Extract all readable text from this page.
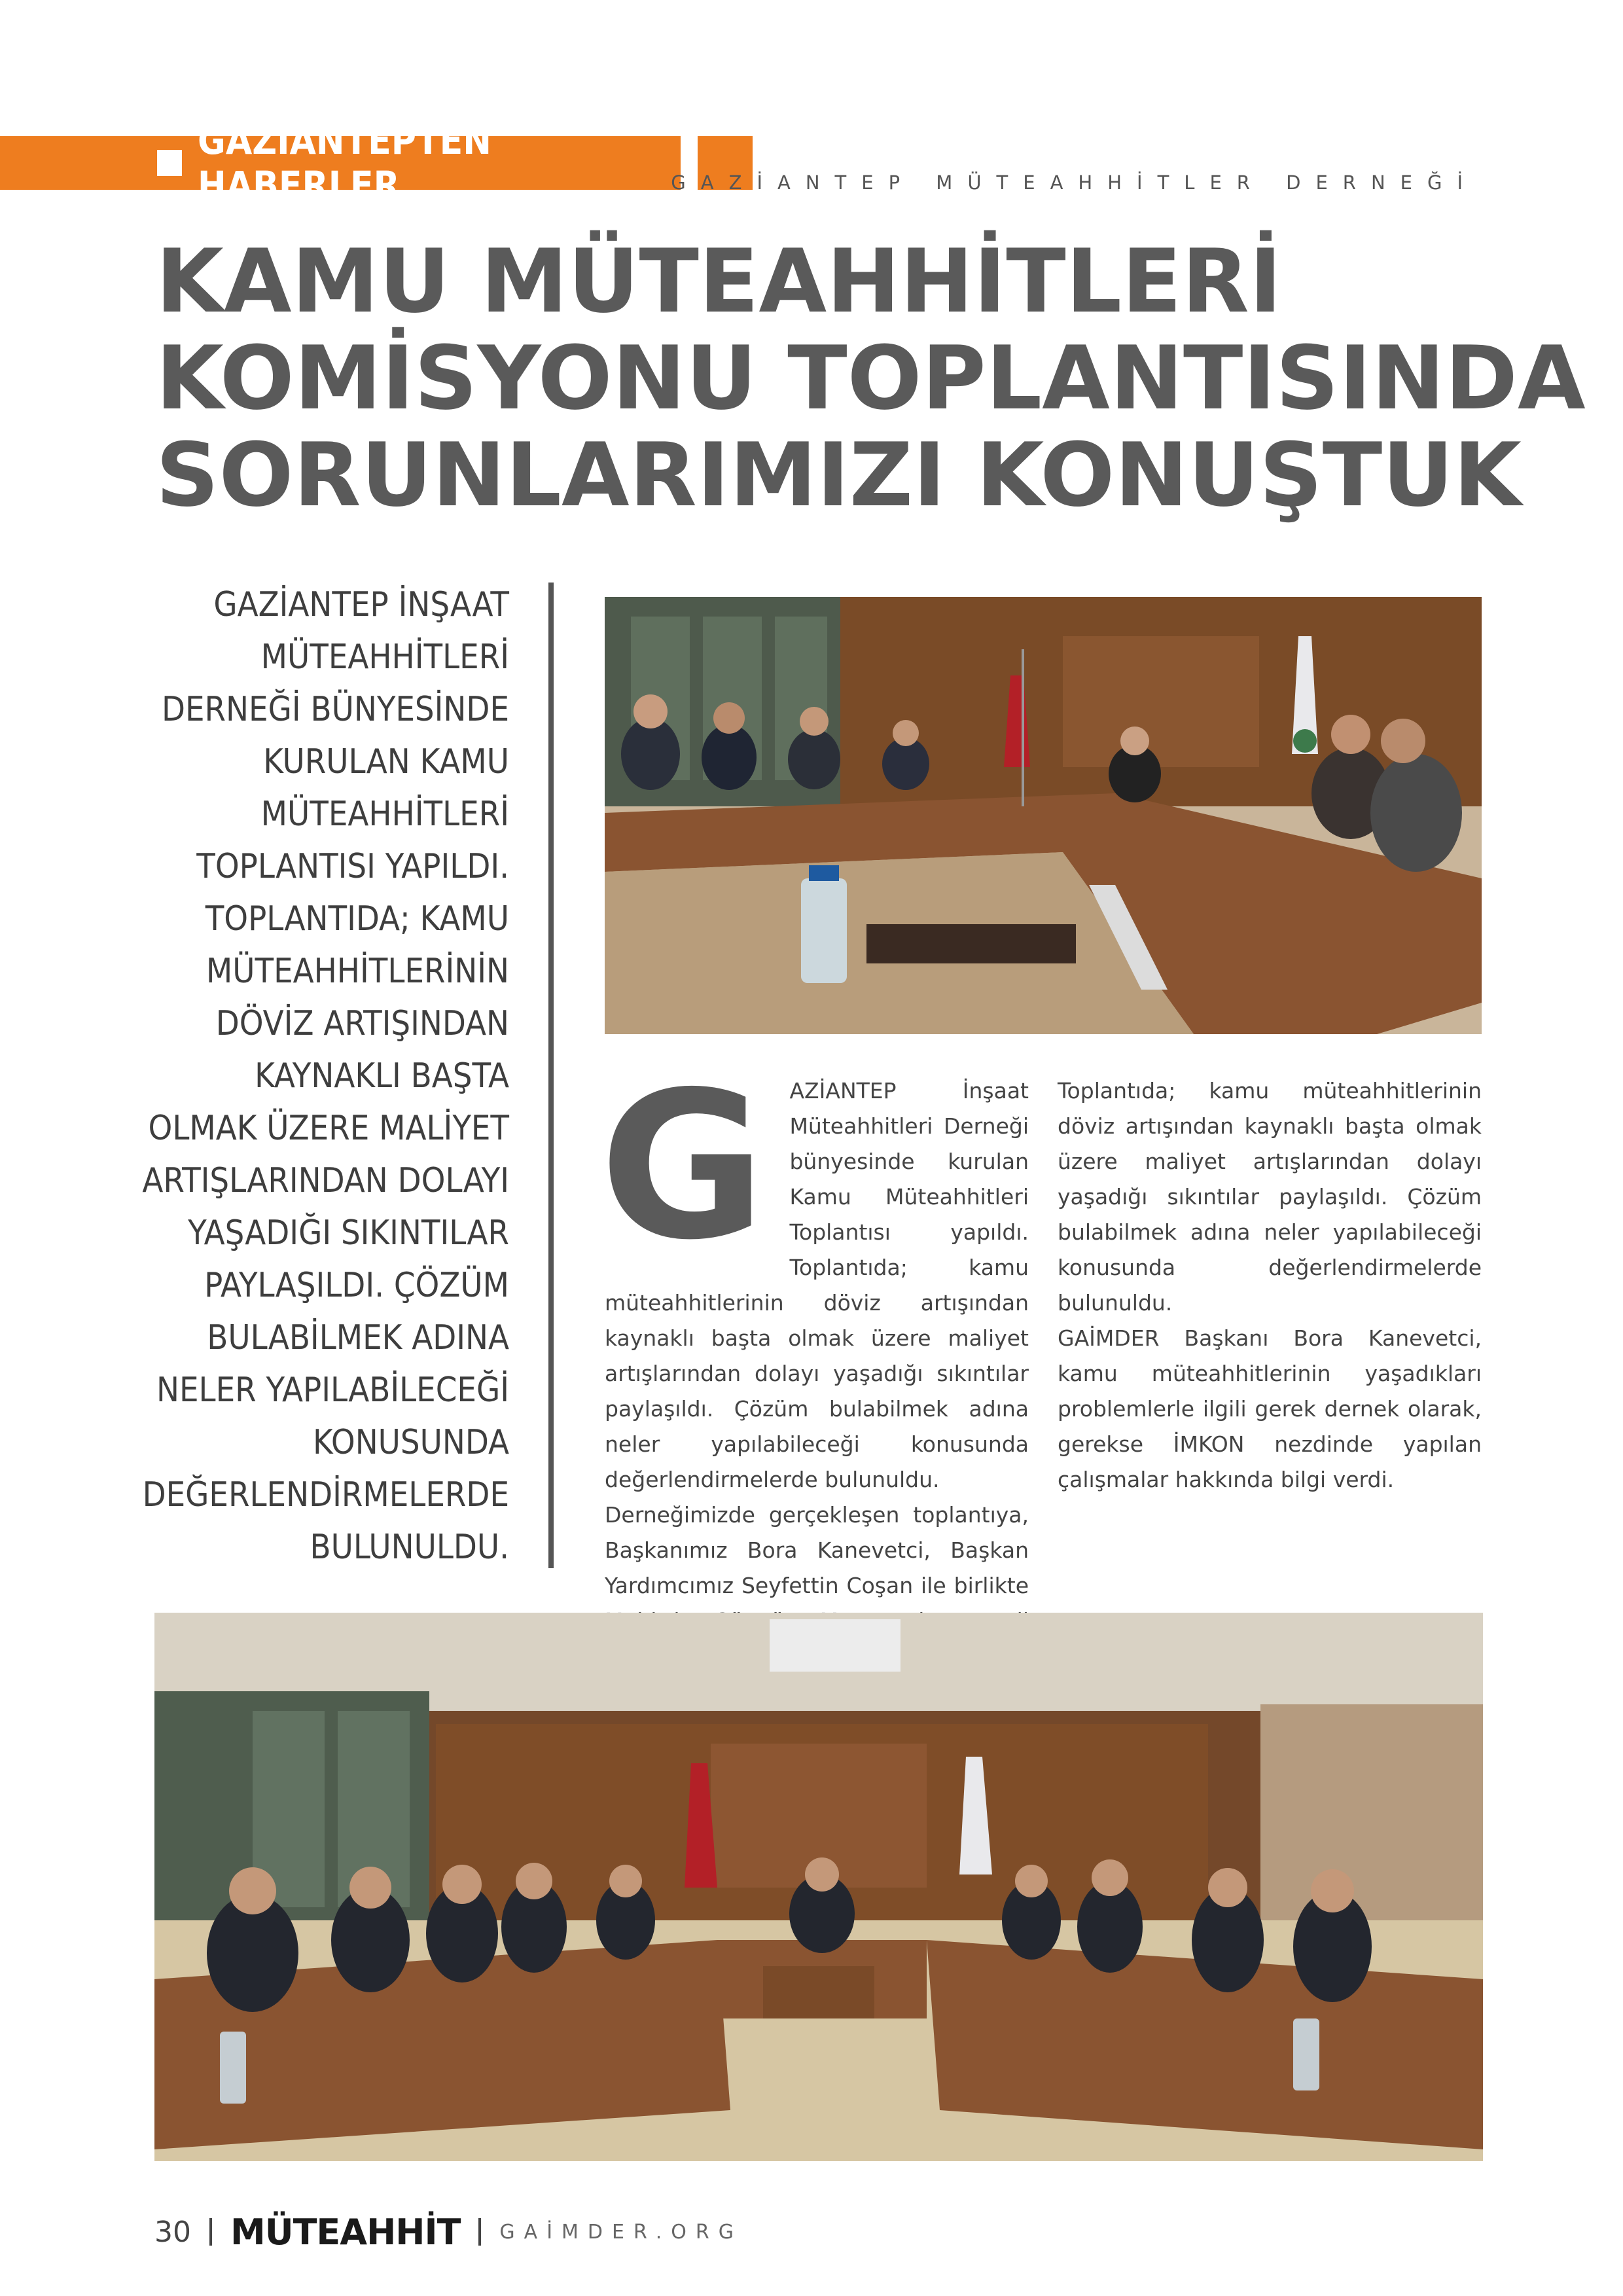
GAZİANTEPTEN HABERLER	GAZİANTEP MÜTEAHHİTLER DERNEĞİ
KAMU MÜTEAHHİTLERİ
KOMİSYONU TOPLANTISINDA
SORUNLARIMIZI KONUŞTUK
GAZİANTEP İNŞAAT
MÜTEAHHİTLERİ
DERNEĞİ BÜNYESİNDE
KURULAN KAMU
MÜTEAHHİTLERİ
TOPLANTISI YAPILDI.
TOPLANTIDA; KAMU
MÜTEAHHİTLERİNİN
DÖVİZ ARTIŞINDAN
KAYNAKLI BAŞTA
OLMAK ÜZERE MALİYET
ARTIŞLARINDAN DOLAYI
YAŞADIĞI SIKINTILAR
PAYLAŞILDI. ÇÖZÜM
BULABİLMEK ADINA
NELER YAPILABİLECEĞİ
KONUSUNDA
DEĞERLENDİRMELERDE
BULUNULDU.
G	AZİANTEP İnşaat Müteahhitleri Derneği bünyesinde kurulan Kamu Müteahhitleri Toplantısı yapıldı. Toplantıda; kamu müteahhitlerinin döviz artışından kaynaklı başta olmak üzere maliyet artışlarından dolayı yaşadığı sıkıntılar paylaşıldı. Çözüm bulabilmek adına neler yapılabileceği konusunda değerlendirmelerde bulunuldu.

Derneğimizde gerçekleşen toplantıya, Başkanımız Bora Kanevetci, Başkan Yardımcımız Seyfettin Coşan ile birlikte

Toplantıda; kamu müteahhitlerinin döviz artışından kaynaklı başta olmak üzere maliyet artışlarından dolayı yaşadığı sıkıntılar paylaşıldı. Çözüm bulabilmek adına neler yapılabileceği konusunda değerlendirmelerde bulunuldu.

GAİMDER Başkanı Bora Kanevetci, kamu müteahhitlerinin yaşadıkları problemlerle ilgili gerek dernek olarak, gerekse İMKON nezdinde yapılan çalışmalar hakkında bilgi verdi.

30 MÜTEAHHİT GAİMDER.ORG
